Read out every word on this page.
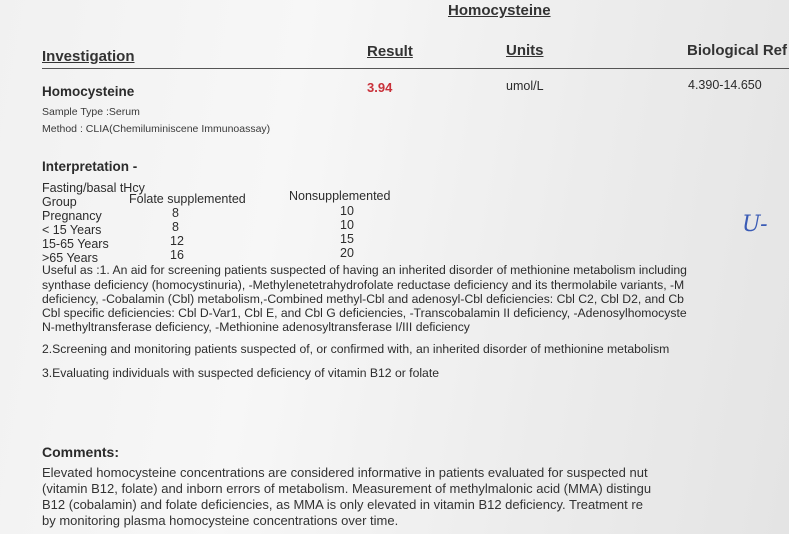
Homocysteine
Investigation	Result	Units	Biological Ref
Homocysteine
Sample Type :Serum
Method : CLIA(Chemiluminiscene Immunoassay)
3.94	umol/L	4.390-14.650
Interpretation -
Fasting/basal tHcy
Group	Folate supplemented	Nonsupplemented
Pregnancy	8	10
< 15 Years	8	10
15-65 Years	12	15
>65 Years	16	20
U-
Useful as :1. An aid for screening patients suspected of having an inherited disorder of methionine metabolism including
synthase deficiency (homocystinuria), -Methylenetetrahydrofolate reductase deficiency and its thermolabile variants, -M
deficiency, -Cobalamin (Cbl) metabolism,-Combined methyl-Cbl and adenosyl-Cbl deficiencies: Cbl C2, Cbl D2, and Cb
Cbl specific deficiencies: Cbl D-Var1, Cbl E, and Cbl G deficiencies, -Transcobalamin II deficiency, -Adenosylhomocyste
N-methyltransferase deficiency, -Methionine adenosyltransferase I/III deficiency
2.Screening and monitoring patients suspected of, or confirmed with, an inherited disorder of methionine metabolism
3.Evaluating individuals with suspected deficiency of vitamin B12 or folate
Comments:
Elevated homocysteine concentrations are considered informative in patients evaluated for suspected nut
(vitamin B12, folate) and inborn errors of metabolism. Measurement of methylmalonic acid (MMA) distingu
B12 (cobalamin) and folate deficiencies, as MMA is only elevated in vitamin B12 deficiency. Treatment re
by monitoring plasma homocysteine concentrations over time.
